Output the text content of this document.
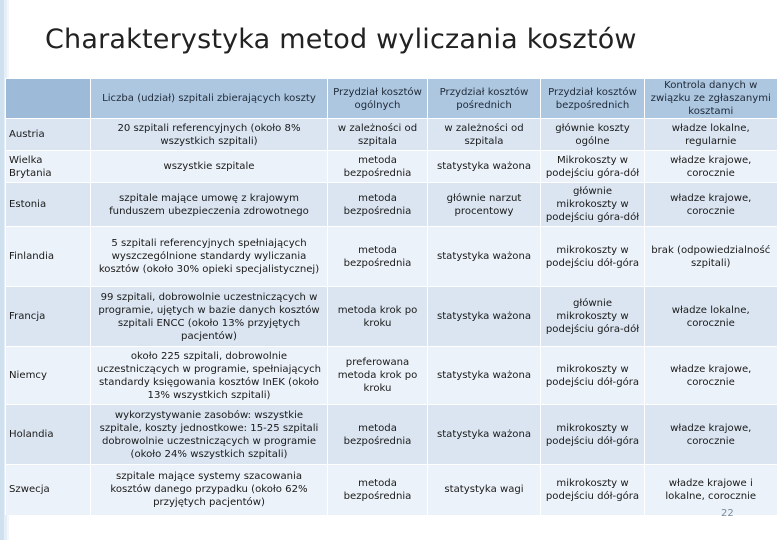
Charakterystyka metod wyliczania kosztów
	Liczba (udział) szpitali zbierających koszty	Przydział kosztów ogólnych	Przydział kosztów pośrednich	Przydział kosztów bezpośrednich	Kontrola danych w związku ze zgłaszanymi kosztami
Austria	20 szpitali referencyjnych (około 8% wszystkich szpitali)	w zależności od szpitala	w zależności od szpitala	głównie koszty ogólne	władze lokalne, regularnie
Wielka Brytania	wszystkie szpitale	metoda bezpośrednia	statystyka ważona	Mikrokoszty w podejściu góra-dół	władze krajowe, corocznie
Estonia	szpitale mające umowę z krajowym funduszem ubezpieczenia zdrowotnego	metoda bezpośrednia	głównie narzut procentowy	głównie mikrokoszty w podejściu góra-dół	władze krajowe, corocznie
Finlandia	5 szpitali referencyjnych spełniających wyszczególnione standardy wyliczania kosztów (około 30% opieki specjalistycznej)	metoda bezpośrednia	statystyka ważona	mikrokoszty w podejściu dół-góra	brak (odpowiedzialność szpitali)
Francja	99 szpitali, dobrowolnie uczestniczących w programie, ujętych w bazie danych kosztów szpitali ENCC (około 13% przyjętych pacjentów)	metoda krok po kroku	statystyka ważona	głównie mikrokoszty w podejściu góra-dół	władze lokalne, corocznie
Niemcy	około 225 szpitali, dobrowolnie uczestniczących w programie, spełniających standardy księgowania kosztów InEK (około 13% wszystkich szpitali)	preferowana metoda krok po kroku	statystyka ważona	mikrokoszty w podejściu dół-góra	władze krajowe, corocznie
Holandia	wykorzystywanie zasobów: wszystkie szpitale, koszty jednostkowe: 15-25 szpitali dobrowolnie uczestniczących w programie (około 24% wszystkich szpitali)	metoda bezpośrednia	statystyka ważona	mikrokoszty w podejściu dół-góra	władze krajowe, corocznie
Szwecja	szpitale mające systemy szacowania kosztów danego przypadku (około 62% przyjętych pacjentów)	metoda bezpośrednia	statystyka wagi	mikrokoszty w podejściu dół-góra	władze krajowe i lokalne, corocznie
22
